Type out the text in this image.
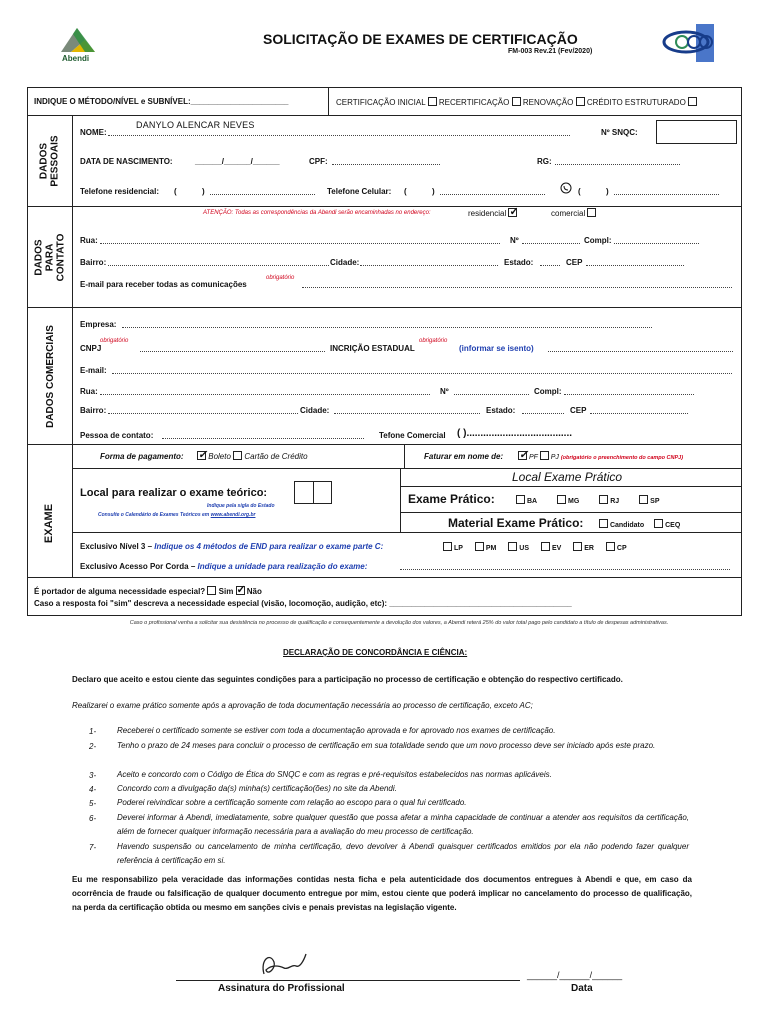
Abendi
SOLICITAÇÃO DE EXAMES DE CERTIFICAÇÃO
FM-003 Rev.21 (Fev/2020)
INDIQUE O MÉTODO/NÍVEL e SUBNÍVEL:______________________	CERTIFICAÇÃO INICIAL RECERTIFICAÇÃO RENOVAÇÃO CRÉDITO ESTRUTURADO
DADOS PESSOAIS
DANYLO ALENCAR NEVES
NOME:	Nº SNQC:
DATA DE NASCIMENTO:	______/______/______	CPF:	RG:
Telefone residencial: (	)	Telefone Celular: (	)	(	)
DADOS PARA CONTATO
ATENÇÃO: Todas as correspondências da Abendi serão encaminhadas no endereço:	residencial ✓	comercial
Rua:	Nº	Compl:
Bairro:	Cidade:	Estado:	CEP
E-mail para receber todas as comunicações
obrigatório
DADOS COMERCIAIS
Empresa:
CNPJ
obrigatório
INCRIÇÃO ESTADUAL
obrigatório
(informar se isento)
E-mail:
Rua:	Nº	Compl:
Bairro:	Cidade:	Estado:	CEP
Pessoa de contato:	Tefone Comercial ( )......................................
Forma de pagamento: ✓	Boleto Cartão de Crédito	Faturar em nome de: ✓	PF PJ (obrigatório o preenchimento do campo CNPJ)
EXAME
Local para realizar o exame teórico:
Indique pela sigla do Estado
Consulte o Calendário de Exames Teóricos em www.abendi.org.br
Local Exame Prático
Exame Prático:	BA	MG	RJ	SP
Material Exame Prático:	Candidato	CEQ
Exclusivo Nível 3 – Indique os 4 métodos de END para realizar o exame parte C:	LP	PM	US	EV	ER	CP
Exclusivo Acesso Por Corda – Indique a unidade para realização do exame:
É portador de alguma necessidade especial? Sim ✓ Não
Caso a resposta foi "sim" descreva a necessidade especial (visão, locomoção, audição, etc): _________________________________________
Caso o profissional venha a solicitar sua desistência no processo de qualificação e consequentemente a devolução dos valores, a Abendi reterá 25% do valor total pago pelo candidato a título de despesas administrativas.
DECLARAÇÃO DE CONCORDÂNCIA E CIÊNCIA:
Declaro que aceito e estou ciente das seguintes condições para a participação no processo de certificação e obtenção do respectivo certificado.
Realizarei o exame prático somente após a aprovação de toda documentação necessária ao processo de certificação, exceto AC;
1-	Receberei o certificado somente se estiver com toda a documentação aprovada e for aprovado nos exames de certificação.
2-	Tenho o prazo de 24 meses para concluir o processo de certificação em sua totalidade sendo que um novo processo deve ser iniciado após este prazo.
3-	Aceito e concordo com o Código de Ética do SNQC e com as regras e pré-requisitos estabelecidos nas normas aplicáveis.
4-	Concordo com a divulgação da(s) minha(s) certificação(ões) no site da Abendi.
5-	Poderei reivindicar sobre a certificação somente com relação ao escopo para o qual fui certificado.
6-	Deverei informar à Abendi, imediatamente, sobre qualquer questão que possa afetar a minha capacidade de continuar a atender aos requisitos da certificação, além de fornecer qualquer informação necessária para a avaliação do meu processo de certificação.
7-	Havendo suspensão ou cancelamento de minha certificação, devo devolver à Abendi quaisquer certificados emitidos por ela não podendo fazer qualquer referência à certificação em si.
Eu me responsabilizo pela veracidade das informações contidas nesta ficha e pela autenticidade dos documentos entregues à Abendi e que, em caso da ocorrência de fraude ou falsificação de qualquer documento entregue por mim, estou ciente que poderá implicar no cancelamento do processo de qualificação, na perda da certificação obtida ou mesmo em sanções civis e penais previstas na legislação vigente.
Assinatura do Profissional
______/______/______
Data
